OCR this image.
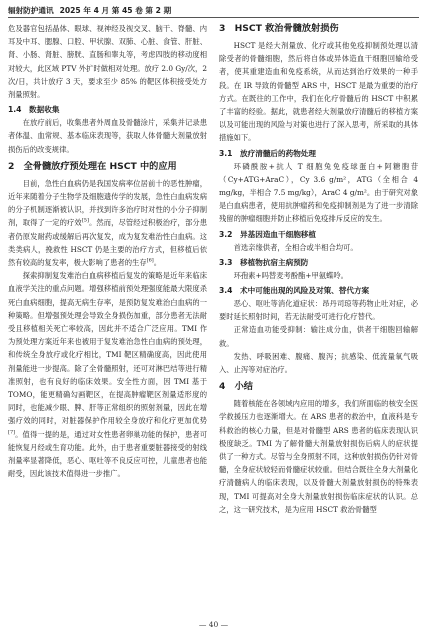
辐射防护通讯 2025 年 4 月 第 45 卷 第 2 期

危及器官包括晶体、眼球、视神经及视交叉、脑干、脊髓、内耳及中耳、腮腺、口腔、甲状腺、双肺、心脏、食管、肝脏、肾、小肠、肾脏、膀胱、直肠和睾丸等，考虑四肢的移动度相对较大，此区域 PTV 外扩时做相对处理。放疗 2.0 Gy/次，2次/日，共计放疗 3 天，要求至少 85% 的靶区体积接受处方剂量照射。

1.4　数据收集

在放疗前后，收集患者外周血及骨髓涂片，采集并记录患者体温、血常规、基本临床表现等，获取人体骨髓大剂量放射损伤后的改变规律。

2　全骨髓放疗预处理在 HSCT 中的应用

目前，急性白血病仍是我国发病率位居前十的恶性肿瘤，近年来随着分子生物学及细胞遗传学的发展，急性白血病发病的分子机制逐渐被认识，并找到许多治疗时对性的小分子抑制剂，取得了一定的疗效[5]。然而，尽管经过积极治疗，部分患者仍原发耐药或缓解后再次复发，成为复发难治性白血病。这类类病人，挽救性 HSCT 仍是主要的治疗方式，但移植后依然有较高的复发率，极大影响了患者的生存[6]。

探索抑制复发难治白血病移植后复发的策略是近年来临床血液学关注的重点问题。增强移植前预处理强度能最大限度杀死白血病细胞，提高无病生存率，是预防复发难治白血病的一种策略。但增强预处理会导致全身损伤加重，部分患者无法耐受且移植相关死亡率较高，因此并不适合广泛应用。TMI 作为预处理方案近年来也被用于复发难治急性白血病的预处理，和传统全身放疗或化疗相比，TMI 靶区精确度高，因此使用剂量能进一步提高。除了全骨髓照射，还可对淋巴结等进行精准照射，也有良好的临床效果。安全性方面，因 TMI 基于 TOMO，能更精确勾画靶区，在提高肿瘤靶区剂量适形度的同时，也能减少眼、脾、肝等正常组织的照射剂量，因此在增强疗效的同时，对脏器保护作用较全身放疗和化疗更加优势[7]。值得一提的是，通过对女性患者卵巢功能的保护，患者可能恢复月经或生育功能。此外，由于患者重要脏器接受的射线剂量率显著降低，恶心、呕吐等不良反应可控，儿童患者也能耐受，因此该技术值得进一步推广。

3　HSCT 救治骨髓放射损伤

HSCT 是经大剂量放、化疗或其他免疫抑制预处理以清除受者的骨髓细胞，然后将自体或异体造血干细胞回输给受者，使其重建造血和免疫系统，从而达到治疗效果的一种手段。在 IR 导致的骨髓型 ARS 中，HSCT 是最为重要的治疗方式。在既往的工作中，我们在化疗骨髓后的 HSCT 中积累了丰富的经验。据此，就患者经大剂量放疗清髓后的移植方案以及可能出现的风险与对策也进行了深入思考，所采取的具体措施如下。

3.1　放疗清髓后的药物处理

环磷酰胺+抗人 T 细胞兔免疫球蛋白+阿糖胞苷（Cy+ATG+AraC），Cy 3.6 g/m²，ATG（全相合 4 mg/kg，半相合 7.5 mg/kg），AraC 4 g/m²。由于研究对象是白血病患者，使用抗肿瘤药和免疫抑制剂是为了进一步清除残留的肿瘤细胞并防止移植后免疫排斥反应的发生。

3.2　异基因造血干细胞移植

首选亲缘供者，全相合或半相合均可。

3.3　移植物抗宿主病预防

环孢素+吗替麦考酚酯+甲氨蝶呤。

3.4　术中可能出现的风险及对策、替代方案

恶心、呕吐等消化道症状：昂丹司琼等药物止吐对症，必要时延长照射时间，若无法耐受可进行化疗替代。

正常造血功能受抑制：输注成分血，供者干细胞回输解救。

发热、呼吸困难、腹痛、腹泻；抗感染、低流量氧气吸入、止泻等对症治疗。

4　小结

随着核能在各领域内应用的增多，我们所面临的核安全医学救援压力也逐渐增大。在 ARS 患者的救治中，血液科是专科救治的核心力量，但是对骨髓型 ARS 患者的临床表现认识极度缺乏。TMI 为了解骨髓大剂量放射损伤后病人的症状提供了一种方式。尽管与全身照射不同，这种放射损伤仍针对骨髓，全身症状较轻而骨髓症状较重。但结合既往全身大剂量化疗清髓病人的临床表现，以及骨髓大剂量放射损伤的特殊表现，TMI 可提高对全身大剂量放射损伤临床症状的认识。总之，这一研究技术，是为应用 HSCT 救治骨髓型

— 40 —
